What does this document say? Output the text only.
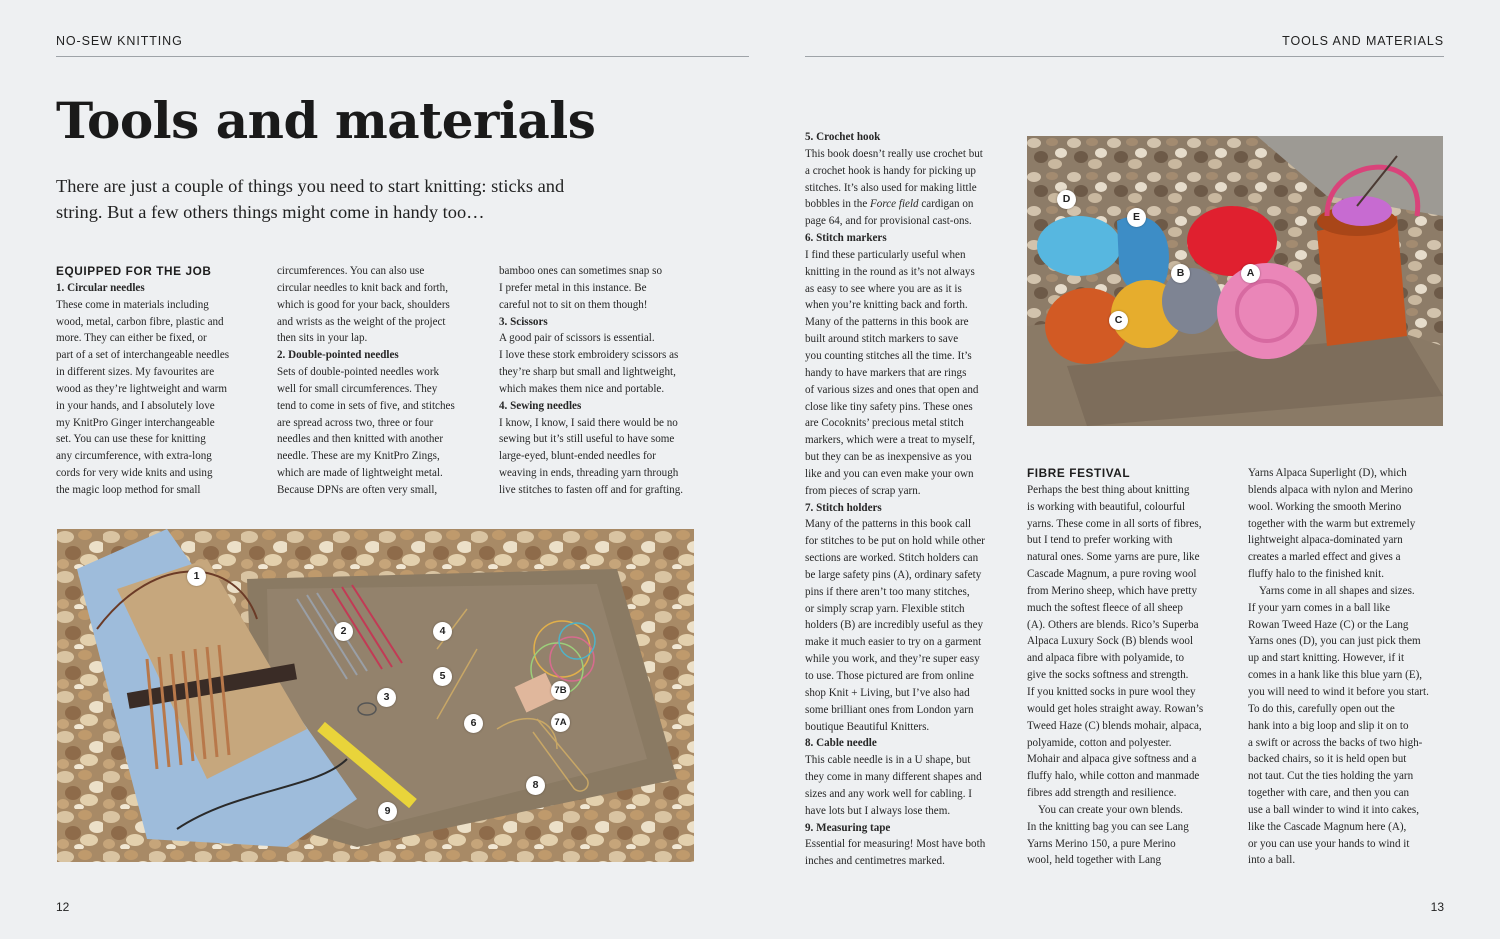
NO-SEW KNITTING	TOOLS AND MATERIALS
Tools and materials

There are just a couple of things you need to start knitting: sticks and
string. But a few others things might come in handy too…

EQUIPPED FOR THE JOB

1. Circular needles

These come in materials including

wood, metal, carbon fibre, plastic and

more. They can either be fixed, or

part of a set of interchangeable needles

in different sizes. My favourites are

wood as they’re lightweight and warm

in your hands, and I absolutely love

my KnitPro Ginger interchangeable

set. You can use these for knitting

any circumference, with extra-long

cords for very wide knits and using

the magic loop method for small

circumferences. You can also use

circular needles to knit back and forth,

which is good for your back, shoulders

and wrists as the weight of the project

then sits in your lap.

2. Double-pointed needles

Sets of double-pointed needles work

well for small circumferences. They

tend to come in sets of five, and stitches

are spread across two, three or four

needles and then knitted with another

needle. These are my KnitPro Zings,

which are made of lightweight metal.

Because DPNs are often very small,

bamboo ones can sometimes snap so

I prefer metal in this instance. Be

careful not to sit on them though!

3. Scissors

A good pair of scissors is essential.

I love these stork embroidery scissors as

they’re sharp but small and lightweight,

which makes them nice and portable.

4. Sewing needles

I know, I know, I said there would be no

sewing but it’s still useful to have some

large-eyed, blunt-ended needles for

weaving in ends, threading yarn through

live stitches to fasten off and for grafting.

1
2
3
4
5
6
7B
7A
8
9

5. Crochet hook

This book doesn’t really use crochet but

a crochet hook is handy for picking up

stitches. It’s also used for making little

bobbles in the Force field cardigan on

page 64, and for provisional cast-ons.

6. Stitch markers

I find these particularly useful when

knitting in the round as it’s not always

as easy to see where you are as it is

when you’re knitting back and forth.

Many of the patterns in this book are

built around stitch markers to save

you counting stitches all the time. It’s

handy to have markers that are rings

of various sizes and ones that open and

close like tiny safety pins. These ones

are Cocoknits’ precious metal stitch

markers, which were a treat to myself,

but they can be as inexpensive as you

like and you can even make your own

from pieces of scrap yarn.

7. Stitch holders

Many of the patterns in this book call

for stitches to be put on hold while other

sections are worked. Stitch holders can

be large safety pins (A), ordinary safety

pins if there aren’t too many stitches,

or simply scrap yarn. Flexible stitch

holders (B) are incredibly useful as they

make it much easier to try on a garment

while you work, and they’re super easy

to use. Those pictured are from online

shop Knit + Living, but I’ve also had

some brilliant ones from London yarn

boutique Beautiful Knitters.

8. Cable needle

This cable needle is in a U shape, but

they come in many different shapes and

sizes and any work well for cabling. I

have lots but I always lose them.

9. Measuring tape

Essential for measuring! Most have both

inches and centimetres marked.

D
E
B	A
C

FIBRE FESTIVAL

Perhaps the best thing about knitting

is working with beautiful, colourful

yarns. These come in all sorts of fibres,

but I tend to prefer working with

natural ones. Some yarns are pure, like

Cascade Magnum, a pure roving wool

from Merino sheep, which have pretty

much the softest fleece of all sheep

(A). Others are blends. Rico’s Superba

Alpaca Luxury Sock (B) blends wool

and alpaca fibre with polyamide, to

give the socks softness and strength.

If you knitted socks in pure wool they

would get holes straight away. Rowan’s

Tweed Haze (C) blends mohair, alpaca,

polyamide, cotton and polyester.

Mohair and alpaca give softness and a

fluffy halo, while cotton and manmade

fibres add strength and resilience.

You can create your own blends.

In the knitting bag you can see Lang

Yarns Merino 150, a pure Merino

wool, held together with Lang

Yarns Alpaca Superlight (D), which

blends alpaca with nylon and Merino

wool. Working the smooth Merino

together with the warm but extremely

lightweight alpaca-dominated yarn

creates a marled effect and gives a

fluffy halo to the finished knit.

Yarns come in all shapes and sizes.

If your yarn comes in a ball like

Rowan Tweed Haze (C) or the Lang

Yarns ones (D), you can just pick them

up and start knitting. However, if it

comes in a hank like this blue yarn (E),

you will need to wind it before you start.

To do this, carefully open out the

hank into a big loop and slip it on to

a swift or across the backs of two high-

backed chairs, so it is held open but

not taut. Cut the ties holding the yarn

together with care, and then you can

use a ball winder to wind it into cakes,

like the Cascade Magnum here (A),

or you can use your hands to wind it

into a ball.

12	13
